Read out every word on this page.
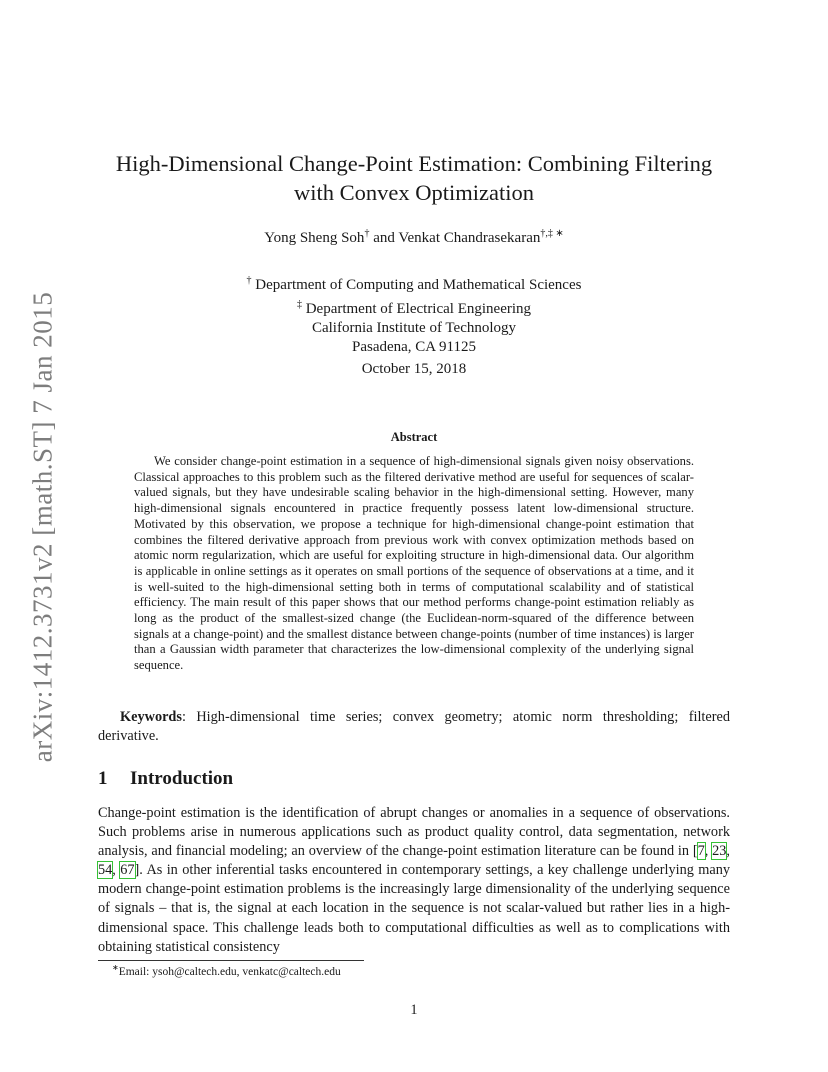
arXiv:1412.3731v2 [math.ST] 7 Jan 2015
High-Dimensional Change-Point Estimation: Combining Filtering
with Convex Optimization
Yong Sheng Soh† and Venkat Chandrasekaran†,‡ ∗
† Department of Computing and Mathematical Sciences
‡ Department of Electrical Engineering
California Institute of Technology
Pasadena, CA 91125
October 15, 2018
Abstract

We consider change-point estimation in a sequence of high-dimensional signals given noisy observations. Classical approaches to this problem such as the filtered derivative method are useful for sequences of scalar-valued signals, but they have undesirable scaling behavior in the high-dimensional setting. However, many high-dimensional signals encountered in practice frequently possess latent low-dimensional structure. Motivated by this observation, we propose a technique for high-dimensional change-point estimation that combines the filtered derivative approach from previous work with convex optimization methods based on atomic norm regularization, which are useful for exploiting structure in high-dimensional data. Our algorithm is applicable in online settings as it operates on small portions of the sequence of observations at a time, and it is well-suited to the high-dimensional setting both in terms of computational scalability and of statistical efficiency. The main result of this paper shows that our method performs change-point estimation reliably as long as the product of the smallest-sized change (the Euclidean-norm-squared of the difference between signals at a change-point) and the smallest distance between change-points (number of time instances) is larger than a Gaussian width parameter that characterizes the low-dimensional complexity of the underlying signal sequence.

Keywords: High-dimensional time series; convex geometry; atomic norm thresholding; filtered derivative.

1 Introduction

Change-point estimation is the identification of abrupt changes or anomalies in a sequence of observations. Such problems arise in numerous applications such as product quality control, data segmentation, network analysis, and financial modeling; an overview of the change-point estimation literature can be found in [7, 23, 54, 67]. As in other inferential tasks encountered in contemporary settings, a key challenge underlying many modern change-point estimation problems is the increasingly large dimensionality of the underlying sequence of signals – that is, the signal at each location in the sequence is not scalar-valued but rather lies in a high-dimensional space. This challenge leads both to computational difficulties as well as to complications with obtaining statistical consistency

∗Email: ysoh@caltech.edu, venkatc@caltech.edu
1
